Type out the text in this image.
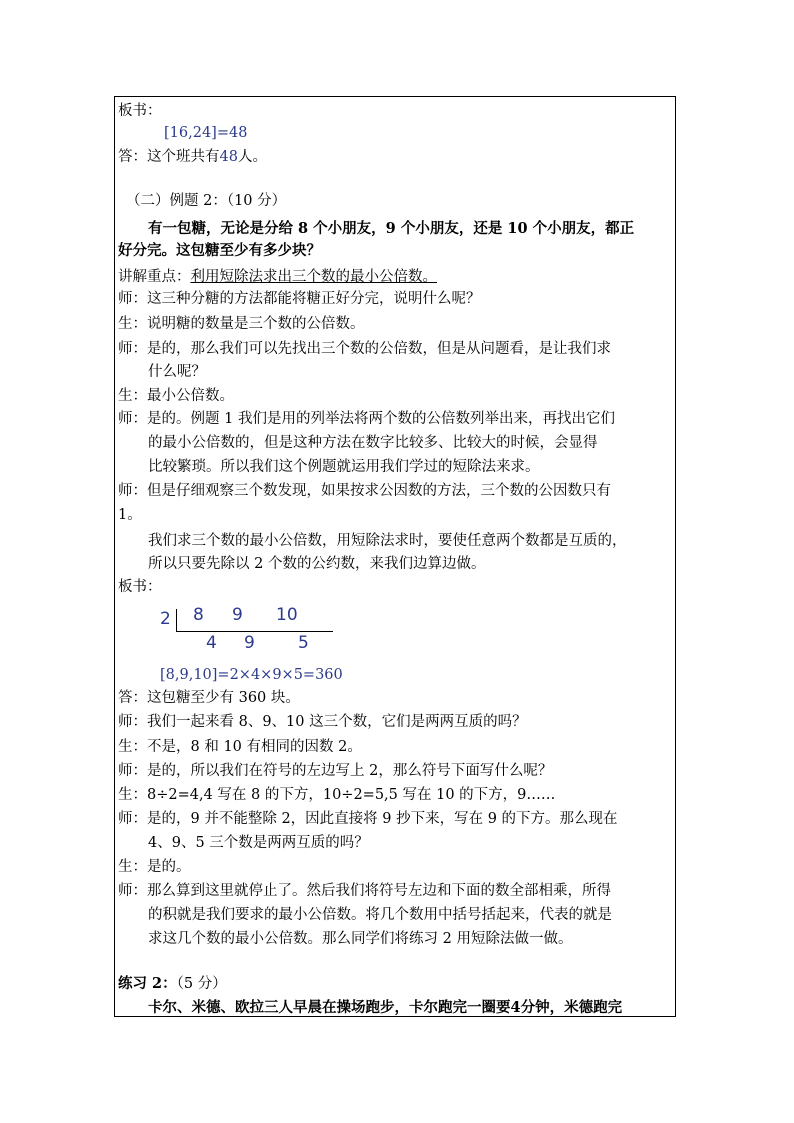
板书：
[16,24]=48
答：这个班共有48人。
（二）例题 2：（10 分）
有一包糖，无论是分给 8 个小朋友，9 个小朋友，还是 10 个小朋友，都正
好分完。这包糖至少有多少块？
讲解重点：利用短除法求出三个数的最小公倍数。
师：这三种分糖的方法都能将糖正好分完，说明什么呢？
生：说明糖的数量是三个数的公倍数。
师：是的，那么我们可以先找出三个数的公倍数，但是从问题看，是让我们求
什么呢？
生：最小公倍数。
师：是的。例题 1 我们是用的列举法将两个数的公倍数列举出来，再找出它们
的最小公倍数的，但是这种方法在数字比较多、比较大的时候，会显得
比较繁琐。所以我们这个例题就运用我们学过的短除法来求。
师：但是仔细观察三个数发现，如果按求公因数的方法，三个数的公因数只有
1。
我们求三个数的最小公倍数，用短除法求时，要使任意两个数都是互质的，
所以只要先除以 2 个数的公约数，来我们边算边做。
板书：
2 8 9 10
4 9	5
[8,9,10]=2×4×9×5=360
答：这包糖至少有 360 块。
师：我们一起来看 8、9、10 这三个数，它们是两两互质的吗？
生：不是，8 和 10 有相同的因数 2。
师：是的，所以我们在符号的左边写上 2，那么符号下面写什么呢？
生：8÷2=4,4 写在 8 的下方，10÷2=5,5 写在 10 的下方，9……
师：是的，9 并不能整除 2，因此直接将 9 抄下来，写在 9 的下方。那么现在
4、9、5 三个数是两两互质的吗？
生：是的。
师：那么算到这里就停止了。然后我们将符号左边和下面的数全部相乘，所得
的积就是我们要求的最小公倍数。将几个数用中括号括起来，代表的就是
求这几个数的最小公倍数。那么同学们将练习 2 用短除法做一做。
练习 2：（5 分）
卡尔、米德、欧拉三人早晨在操场跑步，卡尔跑完一圈要4分钟，米德跑完
